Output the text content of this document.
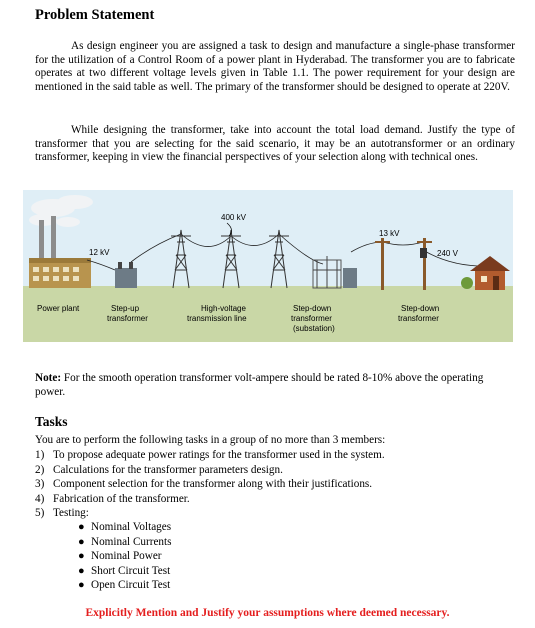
Problem Statement

As design engineer you are assigned a task to design and manufacture a single-phase transformer for the utilization of a Control Room of a power plant in Hyderabad. The transformer you are to fabricate operates at two different voltage levels given in Table 1.1. The power requirement for your design are mentioned in the said table as well. The primary of the transformer should be designed to operate at 220V.

While designing the transformer, take into account the total load demand. Justify the type of transformer that you are selecting for the said scenario, it may be an autotransformer or an ordinary transformer, keeping in view the financial perspectives of your selection along with technical ones.

400 kV
12 kV
13 kV
240 V
Power plant	Step-up
transformer
High-voltage
transmission line
Step-down
transformer
(substation)
Step-down
transformer

Note: For the smooth operation transformer volt-ampere should be rated 8-10% above the operating power.

Tasks

You are to perform the following tasks in a group of no more than 3 members:

1) To propose adequate power ratings for the transformer used in the system.
2) Calculations for the transformer parameters design.
3) Component selection for the transformer along with their justifications.
4) Fabrication of the transformer.
5) Testing:
● Nominal Voltages
● Nominal Currents
● Nominal Power
● Short Circuit Test
● Open Circuit Test
Explicitly Mention and Justify your assumptions where deemed necessary.
